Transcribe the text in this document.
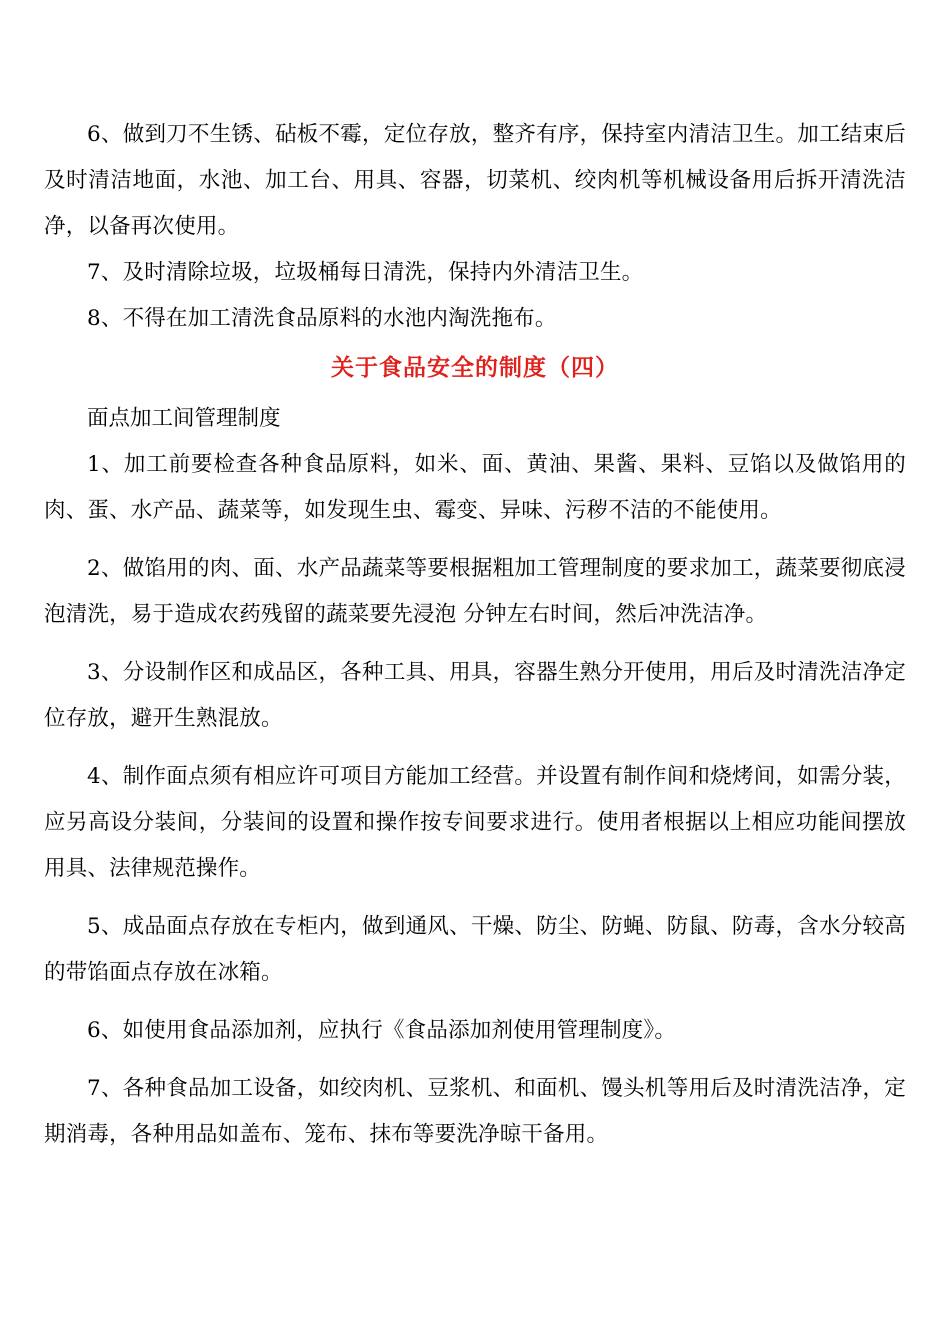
6、做到刀不生锈、砧板不霉，定位存放，整齐有序，保持室内清洁卫生。加工结束后及时清洁地面，水池、加工台、用具、容器，切菜机、绞肉机等机械设备用后拆开清洗洁净，以备再次使用。

7、及时清除垃圾，垃圾桶每日清洗，保持内外清洁卫生。

8、不得在加工清洗食品原料的水池内淘洗拖布。

关于食品安全的制度（四）

面点加工间管理制度

1、加工前要检查各种食品原料，如米、面、黄油、果酱、果料、豆馅以及做馅用的肉、蛋、水产品、蔬菜等，如发现生虫、霉变、异味、污秽不洁的不能使用。

2、做馅用的肉、面、水产品蔬菜等要根据粗加工管理制度的要求加工，蔬菜要彻底浸泡清洗，易于造成农药残留的蔬菜要先浸泡 分钟左右时间，然后冲洗洁净。

3、分设制作区和成品区，各种工具、用具，容器生熟分开使用，用后及时清洗洁净定位存放，避开生熟混放。

4、制作面点须有相应许可项目方能加工经营。并设置有制作间和烧烤间，如需分装，应另高设分装间，分装间的设置和操作按专间要求进行。使用者根据以上相应功能间摆放用具、法律规范操作。

5、成品面点存放在专柜内，做到通风、干燥、防尘、防蝇、防鼠、防毒，含水分较高的带馅面点存放在冰箱。

6、如使用食品添加剂，应执行《食品添加剂使用管理制度》。

7、各种食品加工设备，如绞肉机、豆浆机、和面机、馒头机等用后及时清洗洁净，定期消毒，各种用品如盖布、笼布、抹布等要洗净晾干备用。
